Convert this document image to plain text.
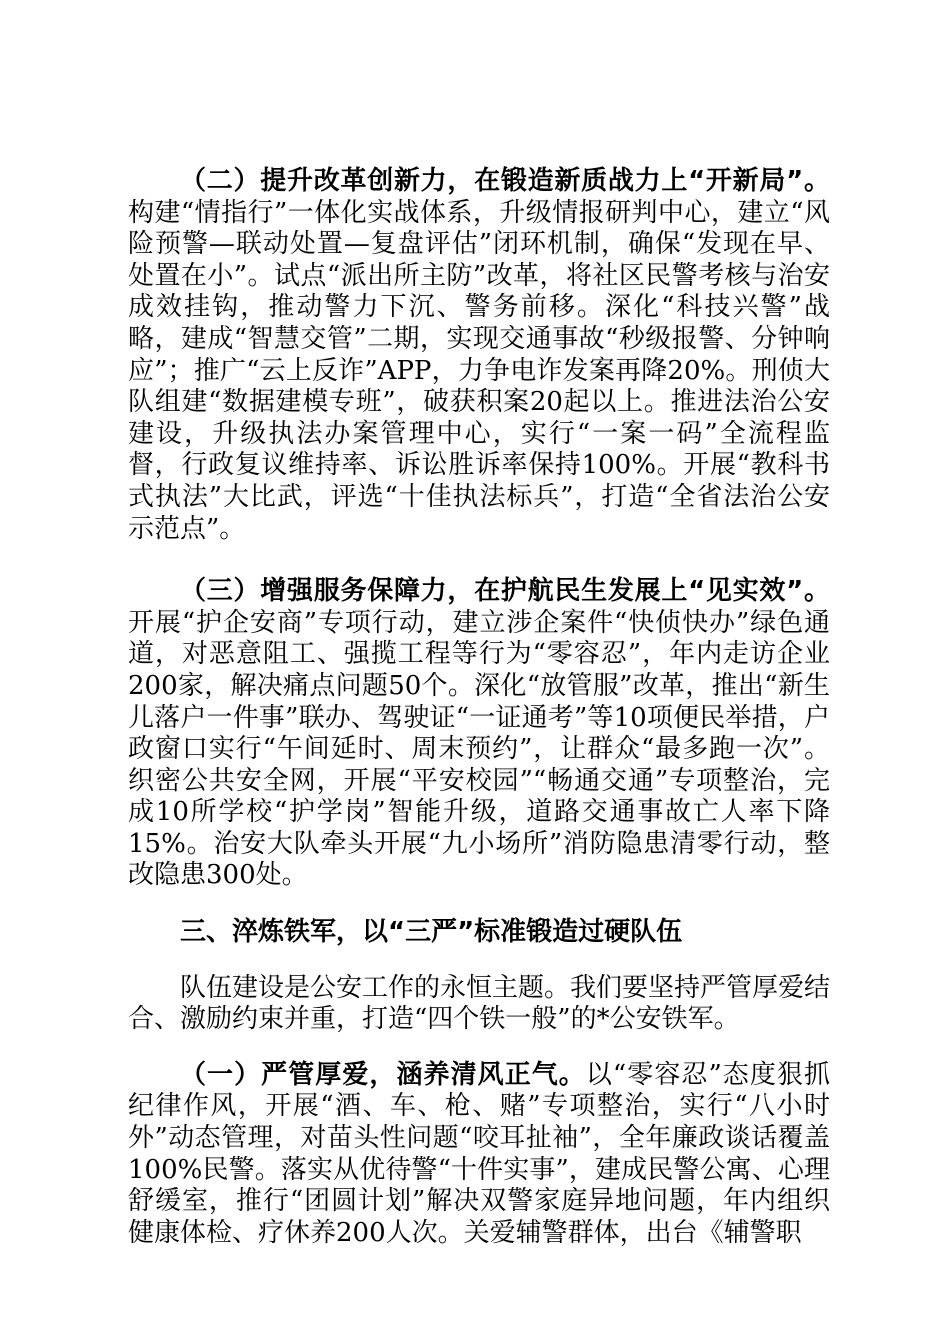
（二）提升改革创新力，在锻造新质战力上“开新局”。构建“情指行”一体化实战体系，升级情报研判中心，建立“风险预警—联动处置—复盘评估”闭环机制，确保“发现在早、处置在小”。试点“派出所主防”改革，将社区民警考核与治安成效挂钩，推动警力下沉、警务前移。深化“科技兴警”战略，建成“智慧交管”二期，实现交通事故“秒级报警、分钟响应”；推广“云上反诈”APP，力争电诈发案再降20%。刑侦大队组建“数据建模专班”，破获积案20起以上。推进法治公安建设，升级执法办案管理中心，实行“一案一码”全流程监督，行政复议维持率、诉讼胜诉率保持100%。开展“教科书式执法”大比武，评选“十佳执法标兵”，打造“全省法治公安示范点”。

（三）增强服务保障力，在护航民生发展上“见实效”。开展“护企安商”专项行动，建立涉企案件“快侦快办”绿色通道，对恶意阻工、强揽工程等行为“零容忍”，年内走访企业200家，解决痛点问题50个。深化“放管服”改革，推出“新生儿落户一件事”联办、驾驶证“一证通考”等10项便民举措，户政窗口实行“午间延时、周末预约”，让群众“最多跑一次”。织密公共安全网，开展“平安校园”“畅通交通”专项整治，完成10所学校“护学岗”智能升级，道路交通事故亡人率下降15%。治安大队牵头开展“九小场所”消防隐患清零行动，整改隐患300处。

三、淬炼铁军，以“三严”标准锻造过硬队伍

队伍建设是公安工作的永恒主题。我们要坚持严管厚爱结合、激励约束并重，打造“四个铁一般”的*公安铁军。

（一）严管厚爱，涵养清风正气。以“零容忍”态度狠抓纪律作风，开展“酒、车、枪、赌”专项整治，实行“八小时外”动态管理，对苗头性问题“咬耳扯袖”，全年廉政谈话覆盖100%民警。落实从优待警“十件实事”，建成民警公寓、心理舒缓室，推行“团圆计划”解决双警家庭异地问题，年内组织健康体检、疗休养200人次。关爱辅警群体，出台《辅警职
